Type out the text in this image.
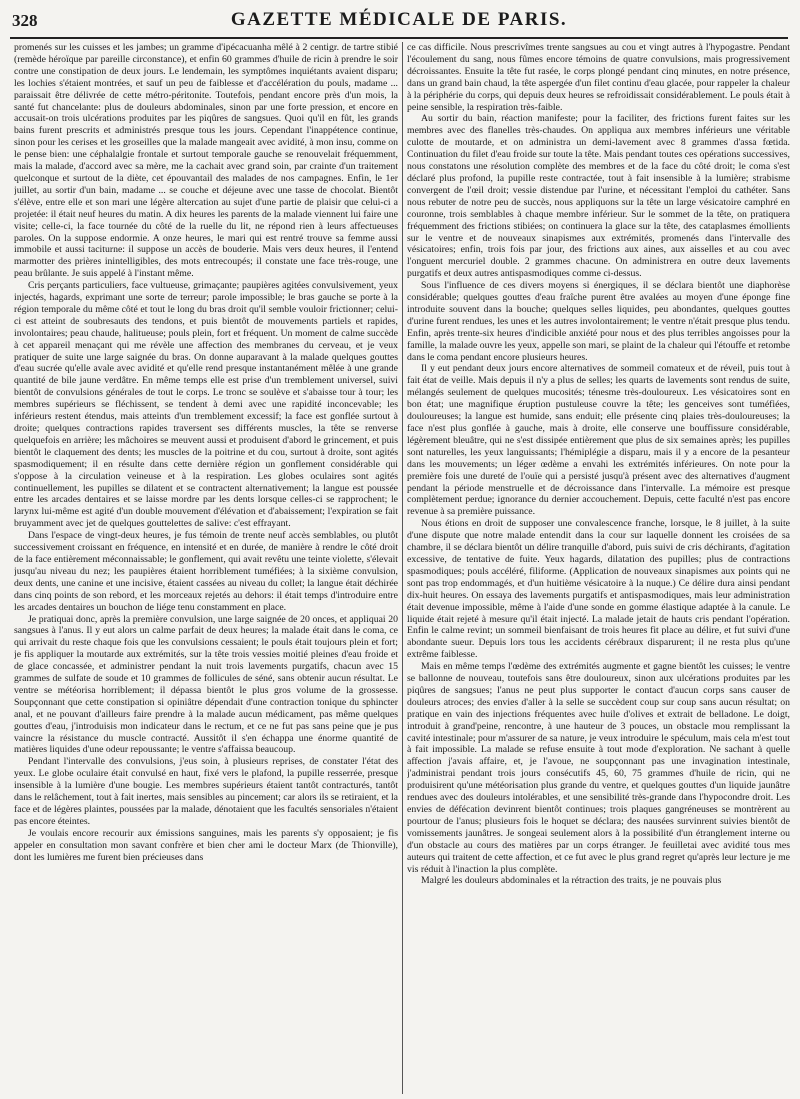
328	GAZETTE MÉDICALE DE PARIS.

promenés sur les cuisses et les jambes; un gramme d'ipécacuanha mêlé à 2 centigr. de tartre stibié (remède héroïque par pareille circonstance), et enfin 60 grammes d'huile de ricin à prendre le soir contre une constipation de deux jours. Le lendemain, les symptômes inquiétants avaient disparu; les lochies s'étaient montrées, et sauf un peu de faiblesse et d'accélération du pouls, madame ... paraissait être délivrée de cette métro-péritonite. Toutefois, pendant encore près d'un mois, la santé fut chancelante: plus de douleurs abdominales, sinon par une forte pression, et encore en accusait-on trois ulcérations produites par les piqûres de sangsues. Quoi qu'il en fût, les grands bains furent prescrits et administrés presque tous les jours. Cependant l'inappétence continue, sinon pour les cerises et les groseilles que la malade mangeait avec avidité, à mon insu, comme on le pense bien: une céphalalgie frontale et surtout temporale gauche se renouvelait fréquemment, mais la malade, d'accord avec sa mère, me la cachait avec grand soin, par crainte d'un traitement quelconque et surtout de la diète, cet épouvantail des malades de nos campagnes. Enfin, le 1er juillet, au sortir d'un bain, madame ... se couche et déjeune avec une tasse de chocolat. Bientôt s'élève, entre elle et son mari une légère altercation au sujet d'une partie de plaisir que celui-ci a projetée: il était neuf heures du matin. A dix heures les parents de la malade viennent lui faire une visite; celle-ci, la face tournée du côté de la ruelle du lit, ne répond rien à leurs affectueuses paroles. On la suppose endormie. A onze heures, le mari qui est rentré trouve sa femme aussi immobile et aussi taciturne: il suppose un accès de bouderie. Mais vers deux heures, il l'entend marmotter des prières inintelligibles, des mots entrecoupés; il constate une face très-rouge, une peau brûlante. Je suis appelé à l'instant même.

Cris perçants particuliers, face vultueuse, grimaçante; paupières agitées convulsivement, yeux injectés, hagards, exprimant une sorte de terreur; parole impossible; le bras gauche se porte à la région temporale du même côté et tout le long du bras droit qu'il semble vouloir frictionner; celui-ci est atteint de soubresauts des tendons, et puis bientôt de mouvements partiels et rapides, involontaires; peau chaude, halitueuse; pouls plein, fort et fréquent. Un moment de calme succède à cet appareil menaçant qui me révèle une affection des membranes du cerveau, et je veux pratiquer de suite une large saignée du bras. On donne auparavant à la malade quelques gouttes d'eau sucrée qu'elle avale avec avidité et qu'elle rend presque instantanément mêlée à une grande quantité de bile jaune verdâtre. En même temps elle est prise d'un tremblement universel, suivi bientôt de convulsions générales de tout le corps. Le tronc se soulève et s'abaisse tour à tour; les membres supérieurs se fléchissent, se tendent à demi avec une rapidité inconcevable; les inférieurs restent étendus, mais atteints d'un tremblement excessif; la face est gonflée surtout à droite; quelques contractions rapides traversent ses différents muscles, la tête se renverse quelquefois en arrière; les mâchoires se meuvent aussi et produisent d'abord le grincement, et puis bientôt le claquement des dents; les muscles de la poitrine et du cou, surtout à droite, sont agités spasmodiquement; il en résulte dans cette dernière région un gonflement considérable qui s'oppose à la circulation veineuse et à la respiration. Les globes oculaires sont agités continuellement, les pupilles se dilatent et se contractent alternativement; la langue est poussée entre les arcades dentaires et se laisse mordre par les dents lorsque celles-ci se rapprochent; le larynx lui-même est agité d'un double mouvement d'élévation et d'abaissement; l'expiration se fait bruyamment avec jet de quelques gouttelettes de salive: c'est effrayant.

Dans l'espace de vingt-deux heures, je fus témoin de trente neuf accès semblables, ou plutôt successivement croissant en fréquence, en intensité et en durée, de manière à rendre le côté droit de la face entièrement méconnaissable; le gonflement, qui avait revêtu une teinte violette, s'élevait jusqu'au niveau du nez; les paupières étaient horriblement tuméfiées; à la sixième convulsion, deux dents, une canine et une incisive, étaient cassées au niveau du collet; la langue était déchirée dans cinq points de son rebord, et les morceaux rejetés au dehors: il était temps d'introduire entre les arcades dentaires un bouchon de liége tenu constamment en place.

Je pratiquai donc, après la première convulsion, une large saignée de 20 onces, et appliquai 20 sangsues à l'anus. Il y eut alors un calme parfait de deux heures; la malade était dans le coma, ce qui arrivait du reste chaque fois que les convulsions cessaient; le pouls était toujours plein et fort; je fis appliquer la moutarde aux extrémités, sur la tête trois vessies moitié pleines d'eau froide et de glace concassée, et administrer pendant la nuit trois lavements purgatifs, chacun avec 15 grammes de sulfate de soude et 10 grammes de follicules de séné, sans obtenir aucun résultat. Le ventre se météorisa horriblement; il dépassa bientôt le plus gros volume de la grossesse. Soupçonnant que cette constipation si opiniâtre dépendait d'une contraction tonique du sphincter anal, et ne pouvant d'ailleurs faire prendre à la malade aucun médicament, pas même quelques gouttes d'eau, j'introduisis mon indicateur dans le rectum, et ce ne fut pas sans peine que je pus vaincre la résistance du muscle contracté. Aussitôt il s'en échappa une énorme quantité de matières liquides d'une odeur repoussante; le ventre s'affaissa beaucoup.

Pendant l'intervalle des convulsions, j'eus soin, à plusieurs reprises, de constater l'état des yeux. Le globe oculaire était convulsé en haut, fixé vers le plafond, la pupille resserrée, presque insensible à la lumière d'une bougie. Les membres supérieurs étaient tantôt contracturés, tantôt dans le relâchement, tout à fait inertes, mais sensibles au pincement; car alors ils se retiraient, et la face et de légères plaintes, poussées par la malade, dénotaient que les facultés sensoriales n'étaient pas encore éteintes.

Je voulais encore recourir aux émissions sanguines, mais les parents s'y opposaient; je fis appeler en consultation mon savant confrère et bien cher ami le docteur Marx (de Thionville), dont les lumières me furent bien précieuses dans

ce cas difficile. Nous prescrivîmes trente sangsues au cou et vingt autres à l'hypogastre. Pendant l'écoulement du sang, nous fûmes encore témoins de quatre convulsions, mais progressivement décroissantes. Ensuite la tête fut rasée, le corps plongé pendant cinq minutes, en notre présence, dans un grand bain chaud, la tête aspergée d'un filet continu d'eau glacée, pour rappeler la chaleur à la périphérie du corps, qui depuis deux heures se refroidissait considérablement. Le pouls était à peine sensible, la respiration très-faible.

Au sortir du bain, réaction manifeste; pour la faciliter, des frictions furent faites sur les membres avec des flanelles très-chaudes. On appliqua aux membres inférieurs une véritable culotte de moutarde, et on administra un demi-lavement avec 8 grammes d'assa fœtida. Continuation du filet d'eau froide sur toute la tête. Mais pendant toutes ces opérations successives, nous constatons une résolution complète des membres et de la face du côté droit; le coma s'est déclaré plus profond, la pupille reste contractée, tout à fait insensible à la lumière; strabisme convergent de l'œil droit; vessie distendue par l'urine, et nécessitant l'emploi du cathéter. Sans nous rebuter de notre peu de succès, nous appliquons sur la tête un large vésicatoire camphré en couronne, trois semblables à chaque membre inférieur. Sur le sommet de la tête, on pratiquera fréquemment des frictions stibiées; on continuera la glace sur la tête, des cataplasmes émollients sur le ventre et de nouveaux sinapismes aux extrémités, promenés dans l'intervalle des vésicatoires; enfin, trois fois par jour, des frictions aux aines, aux aisselles et au cou avec l'onguent mercuriel double. 2 grammes chacune. On administrera en outre deux lavements purgatifs et deux autres antispasmodiques comme ci-dessus.

Sous l'influence de ces divers moyens si énergiques, il se déclara bientôt une diaphorèse considérable; quelques gouttes d'eau fraîche purent être avalées au moyen d'une éponge fine introduite souvent dans la bouche; quelques selles liquides, peu abondantes, quelques gouttes d'urine furent rendues, les unes et les autres involontairement; le ventre n'était presque plus tendu. Enfin, après trente-six heures d'indicible anxiété pour nous et des plus terribles angoisses pour la famille, la malade ouvre les yeux, appelle son mari, se plaint de la chaleur qui l'étouffe et retombe dans le coma pendant encore plusieurs heures.

Il y eut pendant deux jours encore alternatives de sommeil comateux et de réveil, puis tout à fait état de veille. Mais depuis il n'y a plus de selles; les quarts de lavements sont rendus de suite, mélangés seulement de quelques mucosités; ténesme très-douloureux. Les vésicatoires sont en bon état; une magnifique éruption pustuleuse couvre la tête; les genceives sont tuméfiées, douloureuses; la langue est humide, sans enduit; elle présente cinq plaies très-douloureuses; la face n'est plus gonflée à gauche, mais à droite, elle conserve une bouffissure considérable, légèrement bleuâtre, qui ne s'est dissipée entièrement que plus de six semaines après; les pupilles sont naturelles, les yeux languissants; l'hémiplégie a disparu, mais il y a encore de la pesanteur dans les mouvements; un léger œdème a envahi les extrémités inférieures. On note pour la première fois une dureté de l'ouïe qui a persisté jusqu'à présent avec des alternatives d'augment pendant la période menstruelle et de décroissance dans l'intervalle. La mémoire est presque complètement perdue; ignorance du dernier accouchement. Depuis, cette faculté n'est pas encore revenue à sa première puissance.

Nous étions en droit de supposer une convalescence franche, lorsque, le 8 juillet, à la suite d'une dispute que notre malade entendit dans la cour sur laquelle donnent les croisées de sa chambre, il se déclara bientôt un délire tranquille d'abord, puis suivi de cris déchirants, d'agitation excessive, de tentative de fuite. Yeux hagards, dilatation des pupilles; plus de contractions spasmodiques; pouls accéléré, filiforme. (Application de nouveaux sinapismes aux points qui ne sont pas trop endommagés, et d'un huitième vésicatoire à la nuque.) Ce délire dura ainsi pendant dix-huit heures. On essaya des lavements purgatifs et antispasmodiques, mais leur administration était devenue impossible, même à l'aide d'une sonde en gomme élastique adaptée à la canule. Le liquide était rejeté à mesure qu'il était injecté. La malade jetait de hauts cris pendant l'opération. Enfin le calme revint; un sommeil bienfaisant de trois heures fit place au délire, et fut suivi d'une abondante sueur. Depuis lors tous les accidents cérébraux disparurent; il ne resta plus qu'une extrême faiblesse.

Mais en même temps l'œdème des extrémités augmente et gagne bientôt les cuisses; le ventre se ballonne de nouveau, toutefois sans être douloureux, sinon aux ulcérations produites par les piqûres de sangsues; l'anus ne peut plus supporter le contact d'aucun corps sans causer de douleurs atroces; des envies d'aller à la selle se succèdent coup sur coup sans aucun résultat; on pratique en vain des injections fréquentes avec huile d'olives et extrait de belladone. Le doigt, introduit à grand'peine, rencontre, à une hauteur de 3 pouces, un obstacle mou remplissant la cavité intestinale; pour m'assurer de sa nature, je veux introduire le spéculum, mais cela m'est tout à fait impossible. La malade se refuse ensuite à tout mode d'exploration. Ne sachant à quelle affection j'avais affaire, et, je l'avoue, ne soupçonnant pas une invagination intestinale, j'administrai pendant trois jours consécutifs 45, 60, 75 grammes d'huile de ricin, qui ne produisirent qu'une météorisation plus grande du ventre, et quelques gouttes d'un liquide jaunâtre rendues avec des douleurs intolérables, et une sensibilité très-grande dans l'hypocondre droit. Les envies de défécation devinrent bientôt continues; trois plaques gangréneuses se montrèrent au pourtour de l'anus; plusieurs fois le hoquet se déclara; des nausées survinrent suivies bientôt de vomissements jaunâtres. Je songeai seulement alors à la possibilité d'un étranglement interne ou d'un obstacle au cours des matières par un corps étranger. Je feuilletai avec avidité tous mes auteurs qui traitent de cette affection, et ce fut avec le plus grand regret qu'après leur lecture je me vis réduit à l'inaction la plus complète.

Malgré les douleurs abdominales et la rétraction des traits, je ne pouvais plus
